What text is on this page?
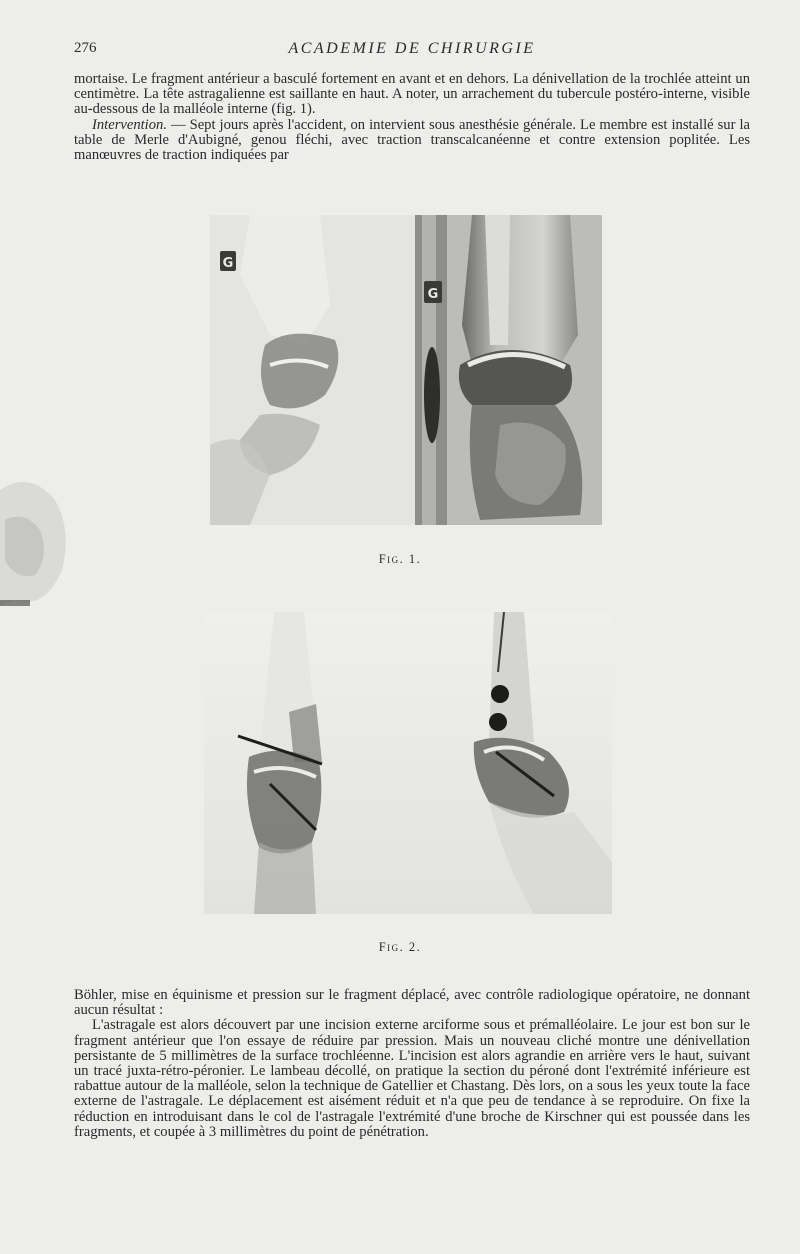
276	ACADEMIE DE CHIRURGIE

mortaise. Le fragment antérieur a basculé fortement en avant et en dehors. La dénivellation de la trochlée atteint un centimètre. La tête astragalienne est saillante en haut. A noter, un arrachement du tubercule postéro-interne, visible au-dessous de la malléole interne (fig. 1).

Intervention. — Sept jours après l'accident, on intervient sous anesthésie générale. Le membre est installé sur la table de Merle d'Aubigné, genou fléchi, avec traction transcalcanéenne et contre extension poplitée. Les manœuvres de traction indiquées par

G
G
Fig. 1.
Fig. 2.

Böhler, mise en équinisme et pression sur le fragment déplacé, avec contrôle radiologique opératoire, ne donnant aucun résultat :

L'astragale est alors découvert par une incision externe arciforme sous et prémalléolaire. Le jour est bon sur le fragment antérieur que l'on essaye de réduire par pression. Mais un nouveau cliché montre une dénivellation persistante de 5 millimètres de la surface trochléenne. L'incision est alors agrandie en arrière vers le haut, suivant un tracé juxta-rétro-péronier. Le lambeau décollé, on pratique la section du péroné dont l'extrémité inférieure est rabattue autour de la malléole, selon la technique de Gatellier et Chastang. Dès lors, on a sous les yeux toute la face externe de l'astragale. Le déplacement est aisément réduit et n'a que peu de tendance à se reproduire. On fixe la réduction en introduisant dans le col de l'astragale l'extrémité d'une broche de Kirschner qui est poussée dans les fragments, et coupée à 3 millimètres du point de pénétration.
